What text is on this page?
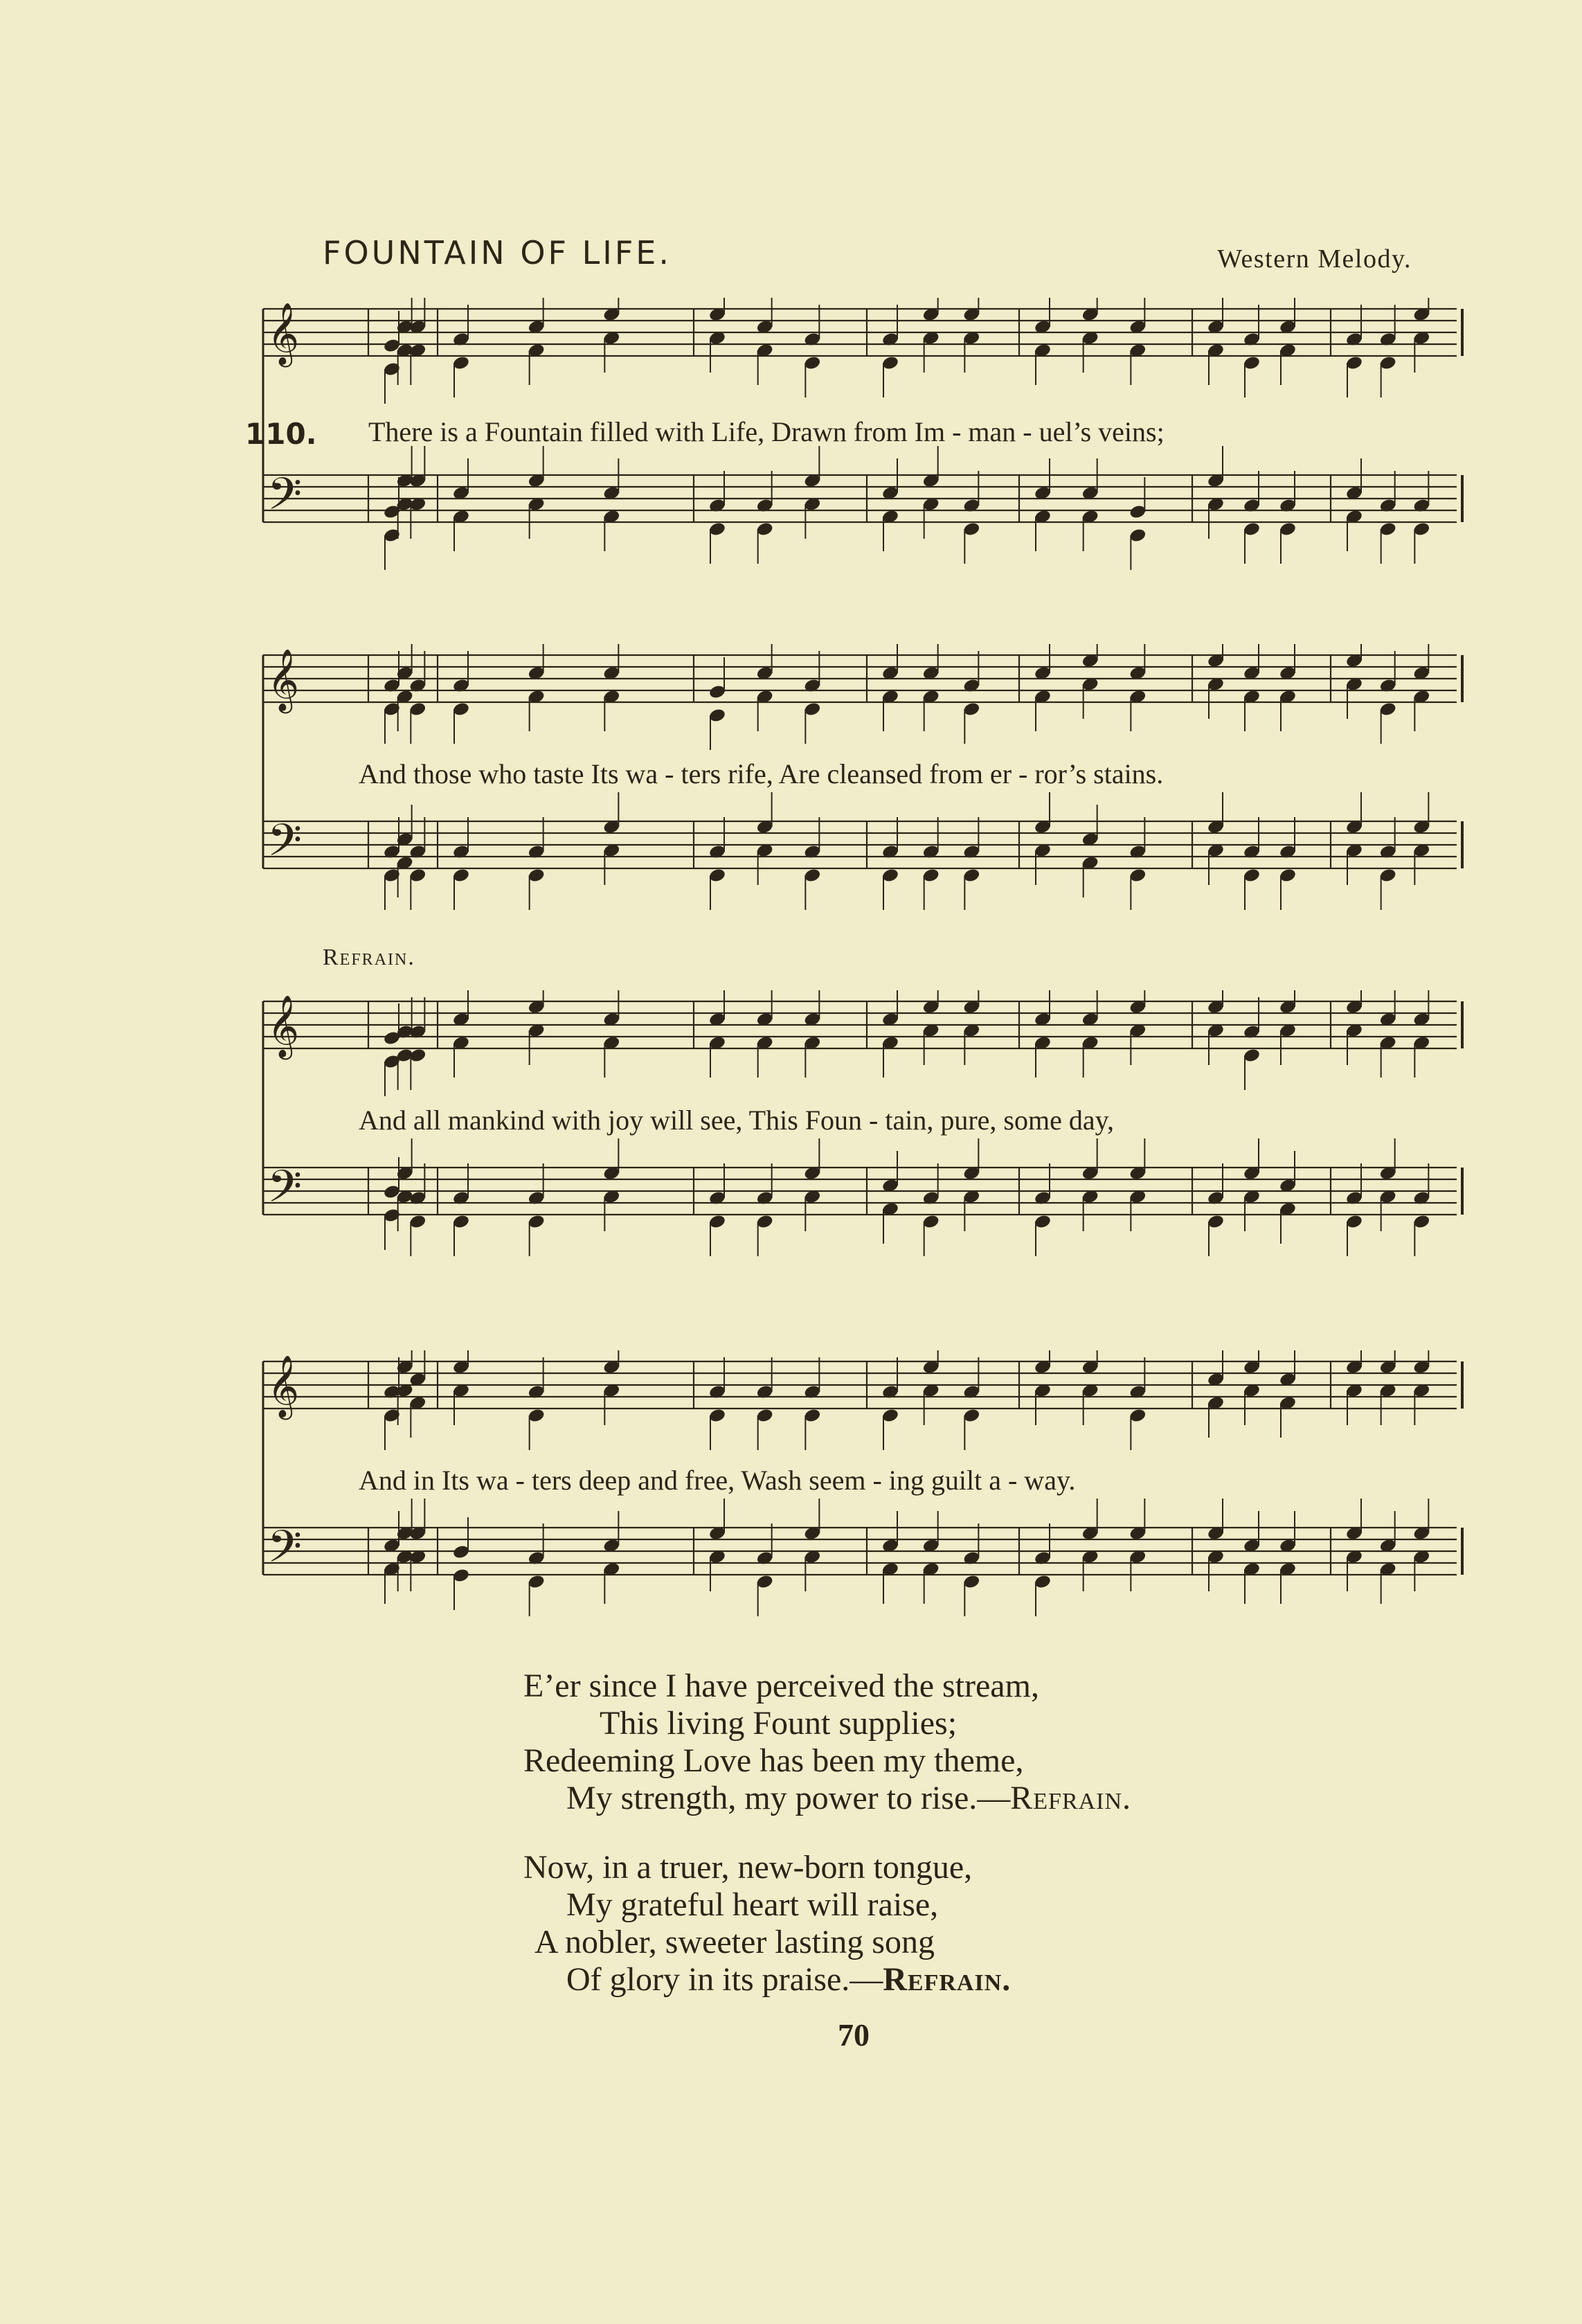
FOUNTAIN OF LIFE.	Western Melody.
𝄞
𝄢
110. There is a Fountain filled with Life, Drawn from Im - man - uel’s veins;
𝄞
𝄢
And those who taste Its wa - ters rife, Are cleansed from er - ror’s stains.
Refrain.
𝄞
𝄢
And all mankind with joy will see, This Foun - tain, pure, some day,
𝄞
𝄢
And in Its wa - ters deep and free, Wash seem - ing guilt a - way.
E’er since I have perceived the stream,
This living Fount supplies;
Redeeming Love has been my theme,
My strength, my power to rise.—Refrain.
Now, in a truer, new-born tongue,
My grateful heart will raise,
A nobler, sweeter lasting song
Of glory in its praise.—Refrain.
70
